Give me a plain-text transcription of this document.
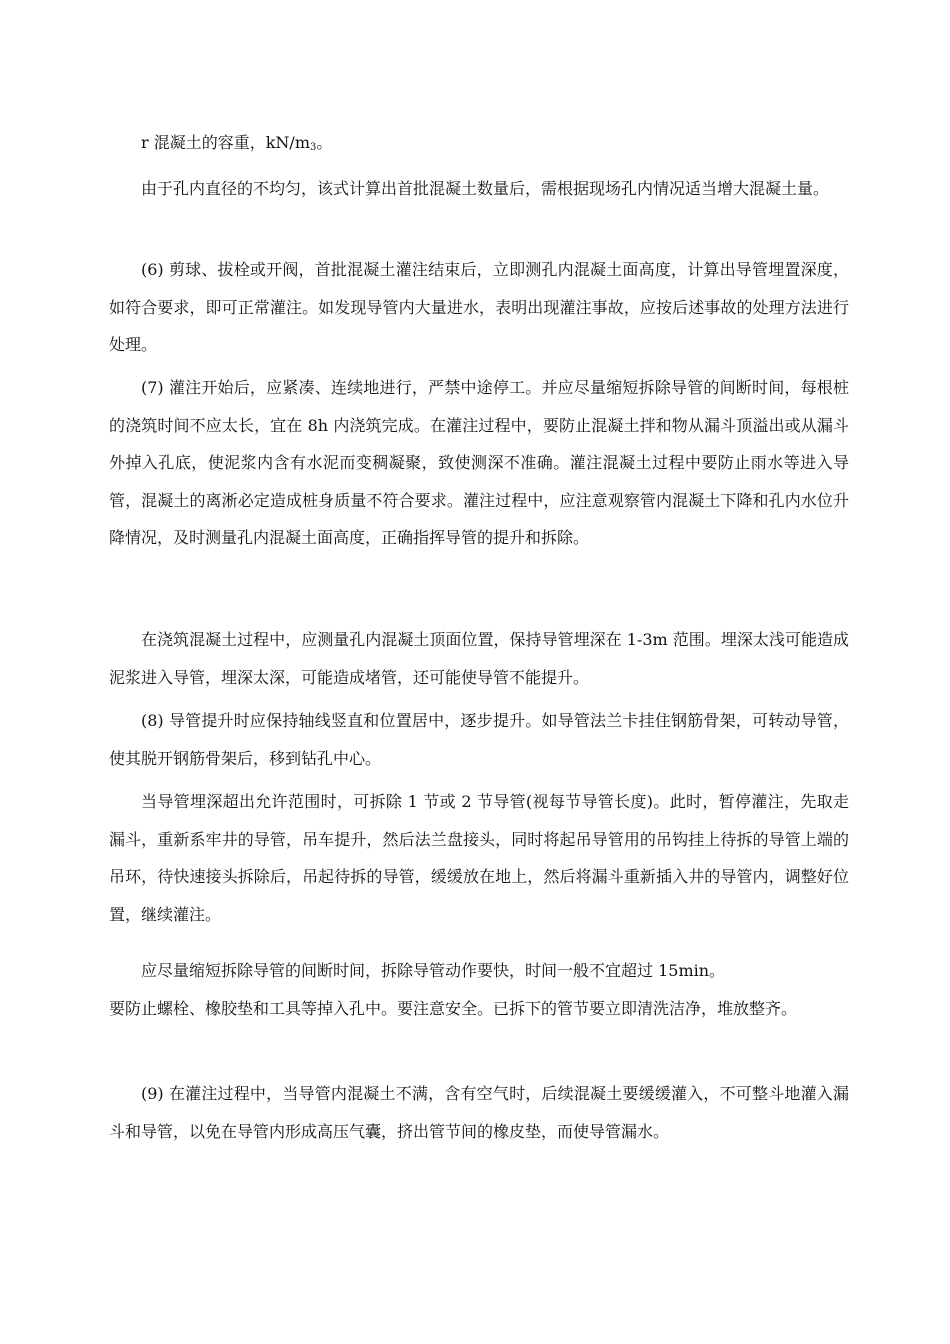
r 混凝土的容重，$kN/m_3$。

由于孔内直径的不均匀，该式计算出首批混凝土数量后，需根据现场孔内情况适当增大混凝土量。

(6) 剪球、拔栓或开阀，首批混凝土灌注结束后，立即测孔内混凝土面高度，计算出导管埋置深度，如符合要求，即可正常灌注。如发现导管内大量进水，表明出现灌注事故，应按后述事故的处理方法进行处理。

(7) 灌注开始后，应紧凑、连续地进行，严禁中途停工。并应尽量缩短拆除导管的间断时间，每根桩的浇筑时间不应太长，宜在 8h 内浇筑完成。在灌注过程中，要防止混凝土拌和物从漏斗顶溢出或从漏斗外掉入孔底，使泥浆内含有水泥而变稠凝聚，致使测深不准确。灌注混凝土过程中要防止雨水等进入导管，混凝土的离淅必定造成桩身质量不符合要求。灌注过程中，应注意观察管内混凝土下降和孔内水位升降情况，及时测量孔内混凝土面高度，正确指挥导管的提升和拆除。

在浇筑混凝土过程中，应测量孔内混凝土顶面位置，保持导管埋深在 1-3m 范围。埋深太浅可能造成泥浆进入导管，埋深太深，可能造成堵管，还可能使导管不能提升。

(8) 导管提升时应保持轴线竖直和位置居中，逐步提升。如导管法兰卡挂住钢筋骨架，可转动导管，使其脱开钢筋骨架后，移到钻孔中心。

当导管埋深超出允许范围时，可拆除 1 节或 2 节导管(视每节导管长度)。此时，暂停灌注，先取走漏斗，重新系牢井的导管，吊车提升，然后法兰盘接头，同时将起吊导管用的吊钩挂上待拆的导管上端的吊环，待快速接头拆除后，吊起待拆的导管，缓缓放在地上，然后将漏斗重新插入井的导管内，调整好位置，继续灌注。

应尽量缩短拆除导管的间断时间，拆除导管动作要快，时间一般不宜超过 15min。

要防止螺栓、橡胶垫和工具等掉入孔中。要注意安全。已拆下的管节要立即清洗洁净，堆放整齐。

(9) 在灌注过程中，当导管内混凝土不满，含有空气时，后续混凝土要缓缓灌入，不可整斗地灌入漏斗和导管，以免在导管内形成高压气囊，挤出管节间的橡皮垫，而使导管漏水。
